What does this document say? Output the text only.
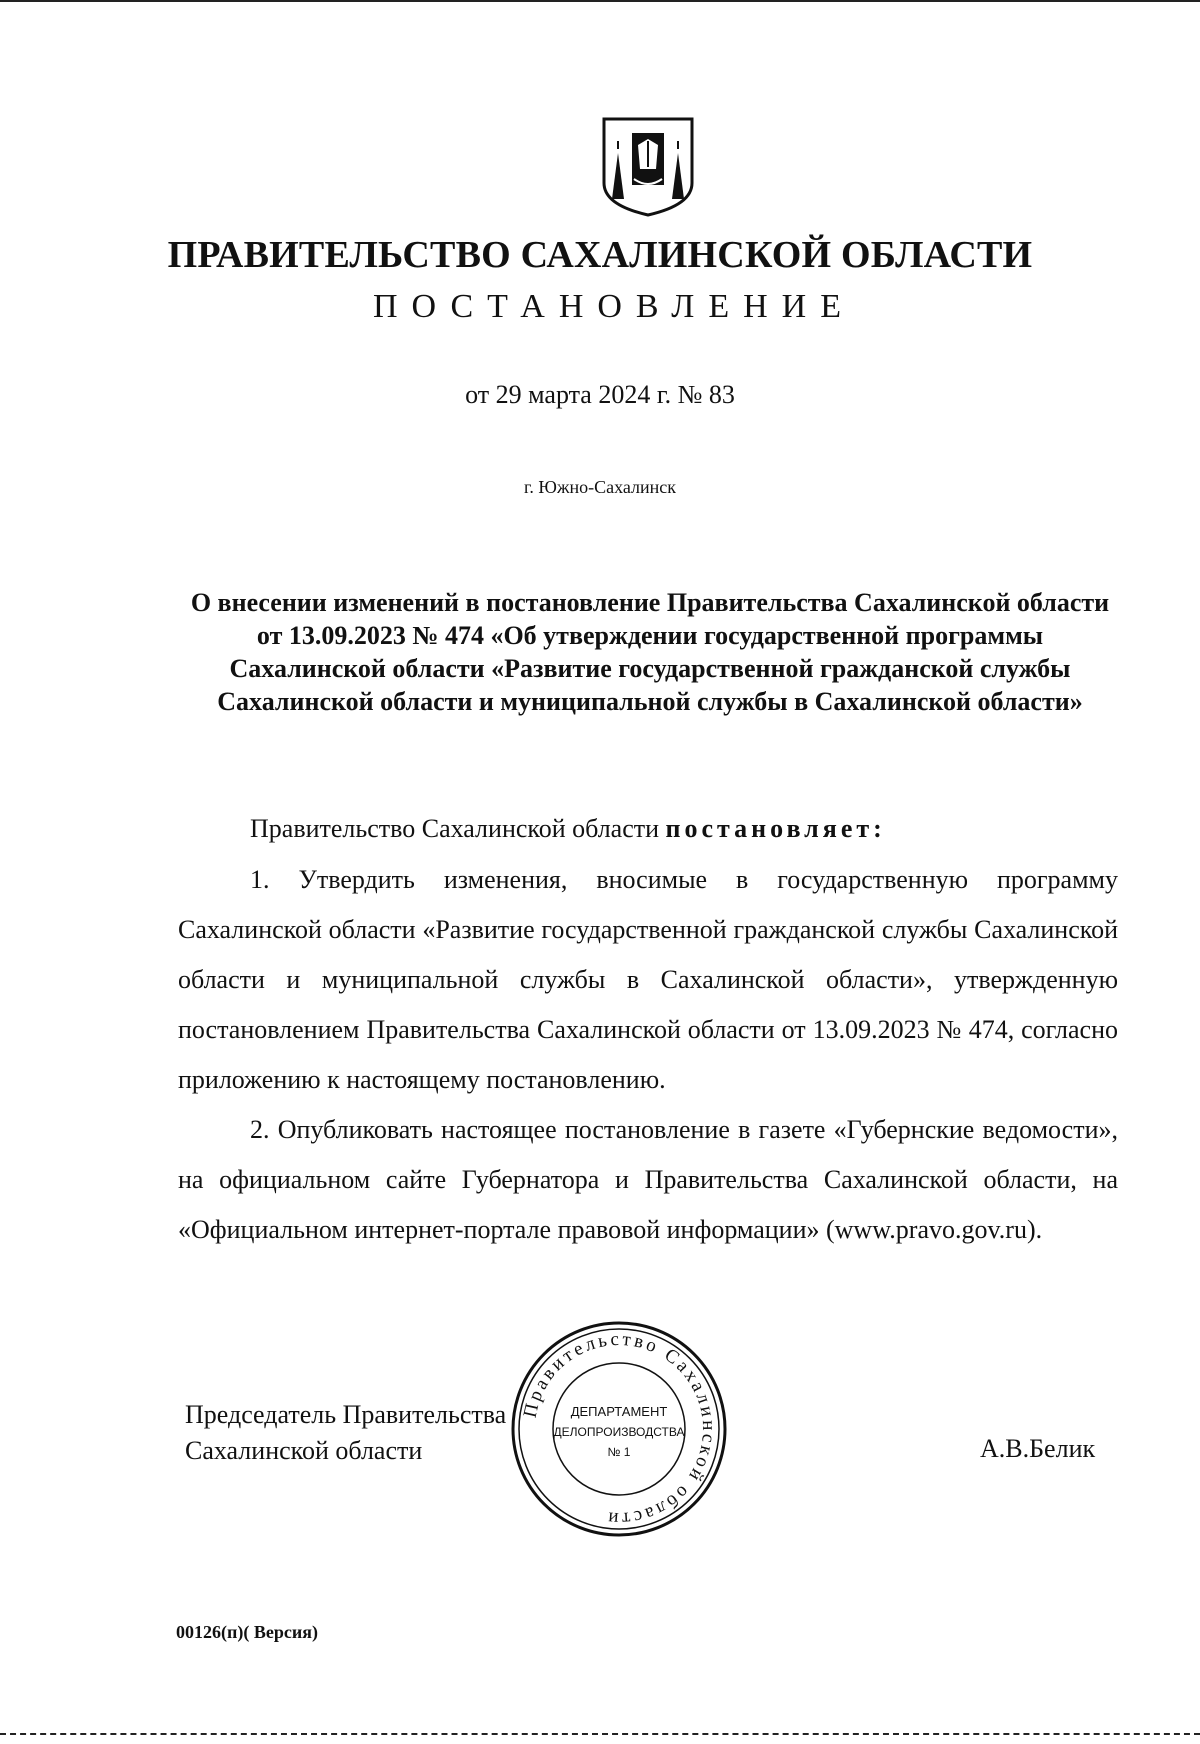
ПРАВИТЕЛЬСТВО САХАЛИНСКОЙ ОБЛАСТИ
ПОСТАНОВЛЕНИЕ
от 29 марта 2024 г. № 83
г. Южно-Сахалинск
О внесении изменений в постановление Правительства Сахалинской области от 13.09.2023 № 474 «Об утверждении государственной программы Сахалинской области «Развитие государственной гражданской службы Сахалинской области и муниципальной службы в Сахалинской области»
Правительство Сахалинской области постановляет:
1. Утвердить изменения, вносимые в государственную программу Сахалинской области «Развитие государственной гражданской службы Сахалинской области и муниципальной службы в Сахалинской области», утвержденную постановлением Правительства Сахалинской области от 13.09.2023 № 474, согласно приложению к настоящему постановлению.
2. Опубликовать настоящее постановление в газете «Губернские ведомости», на официальном сайте Губернатора и Правительства Сахалинской области, на «Официальном интернет-портале правовой информации» (www.pravo.gov.ru).
Председатель Правительства
Сахалинской области
Правительство Сахалинской области
ДЕПАРТАМЕНТ
ДЕЛОПРОИЗВОДСТВА
№ 1	А.В.Белик
00126(п)( Версия)
